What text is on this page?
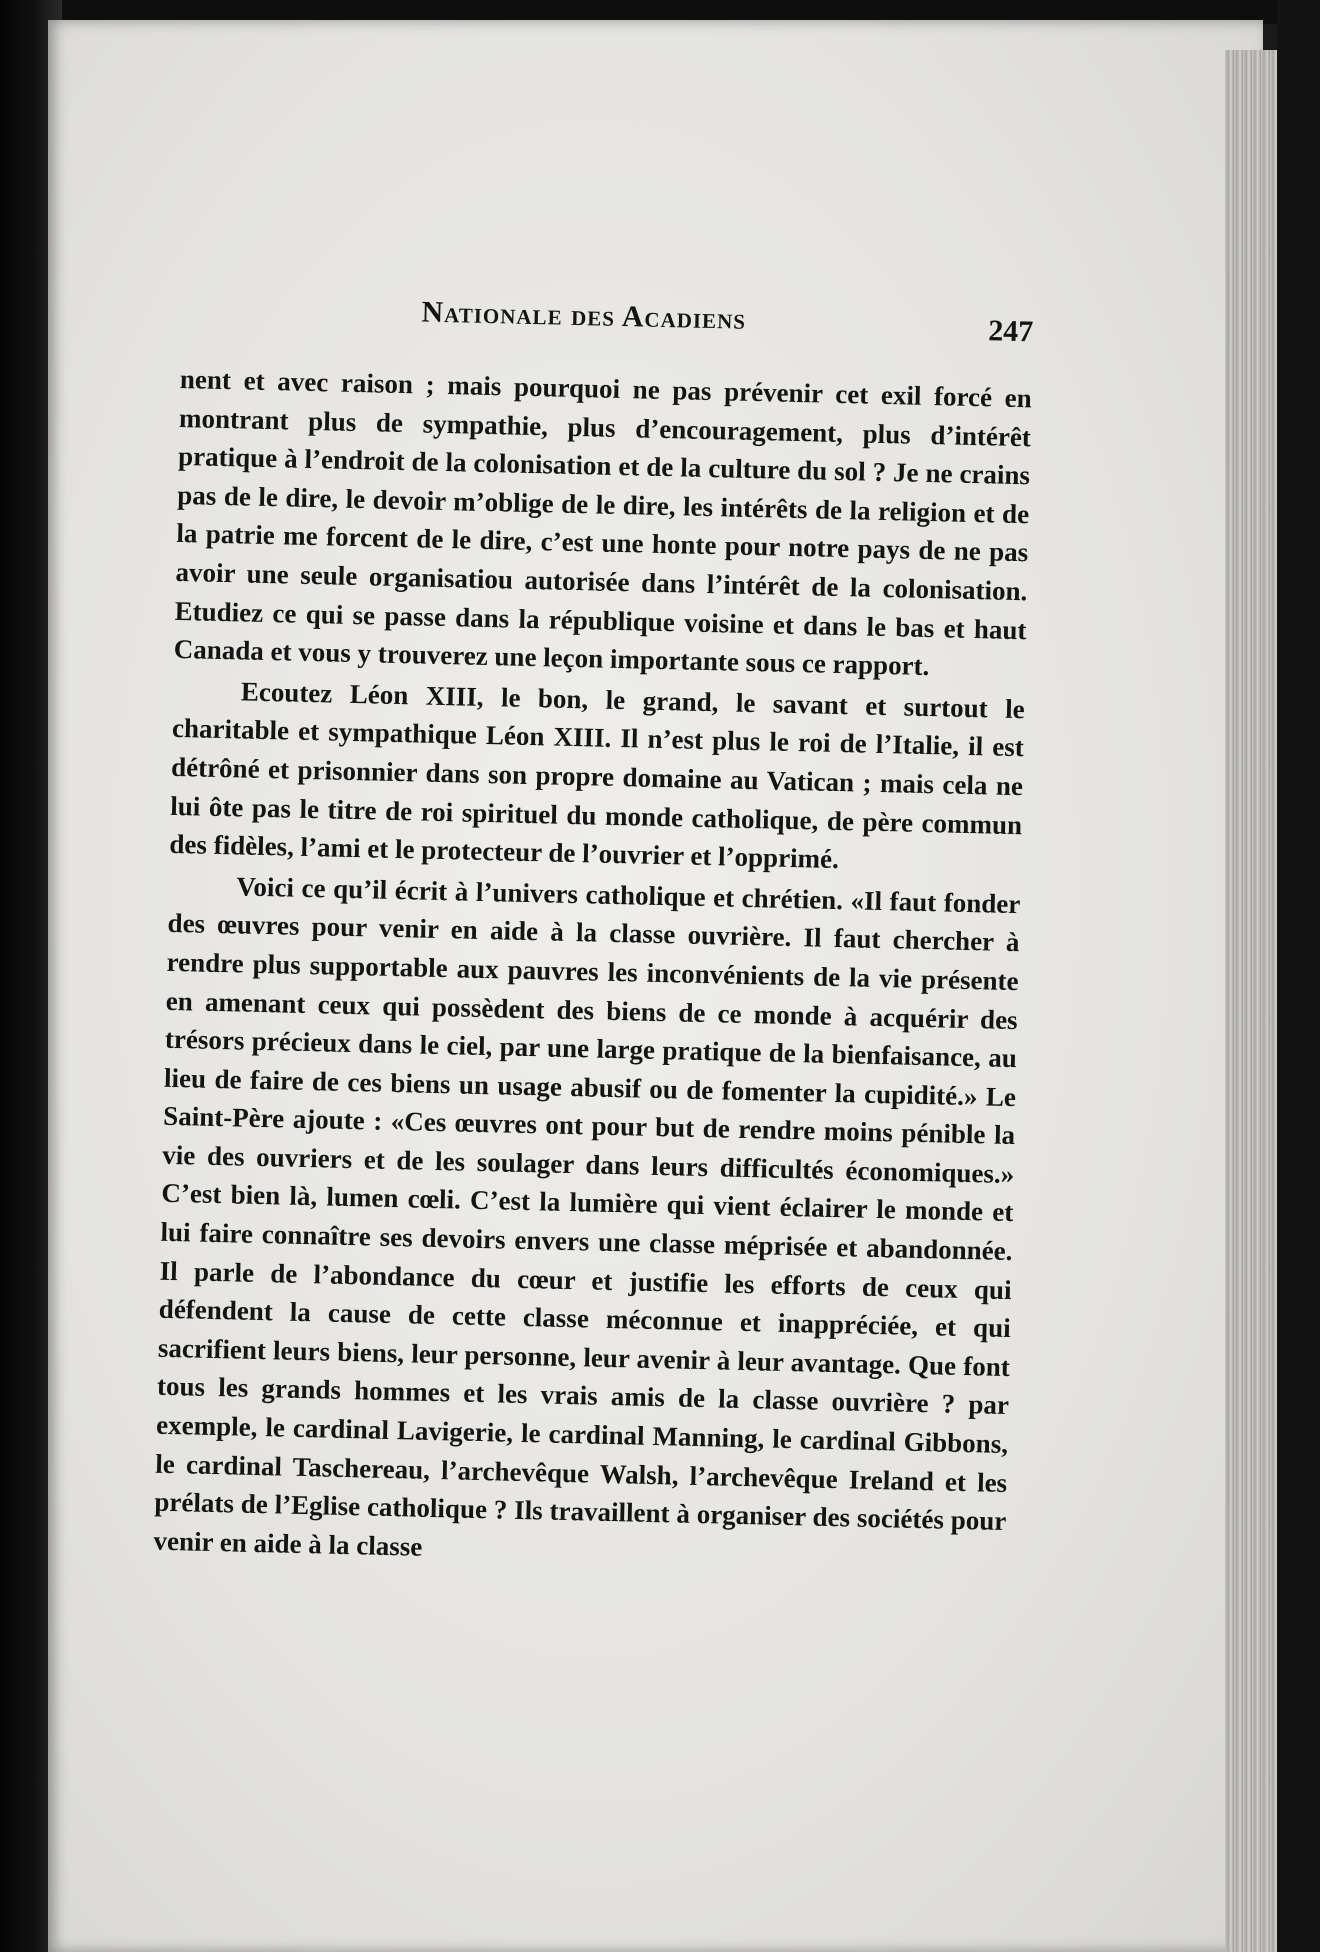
Nationale des Acadiens	247

nent et avec raison ; mais pourquoi ne pas prévenir cet exil forcé en montrant plus de sympathie, plus d’encouragement, plus d’intérêt pratique à l’endroit de la colonisation et de la culture du sol ? Je ne crains pas de le dire, le devoir m’oblige de le dire, les intérêts de la religion et de la patrie me forcent de le dire, c’est une honte pour notre pays de ne pas avoir une seule organisatiou autorisée dans l’intérêt de la colonisation. Etudiez ce qui se passe dans la république voisine et dans le bas et haut Canada et vous y trouverez une leçon importante sous ce rapport.

Ecoutez Léon XIII, le bon, le grand, le savant et surtout le charitable et sympathique Léon XIII. Il n’est plus le roi de l’Italie, il est détrôné et prisonnier dans son propre domaine au Vatican ; mais cela ne lui ôte pas le titre de roi spirituel du monde catholique, de père commun des fidèles, l’ami et le protecteur de l’ouvrier et l’opprimé.

Voici ce qu’il écrit à l’univers catholique et chrétien. «Il faut fonder des œuvres pour venir en aide à la classe ouvrière. Il faut chercher à rendre plus supportable aux pauvres les inconvénients de la vie présente en amenant ceux qui possèdent des biens de ce monde à acquérir des trésors précieux dans le ciel, par une large pratique de la bienfaisance, au lieu de faire de ces biens un usage abusif ou de fomenter la cupidité.» Le Saint-Père ajoute : «Ces œuvres ont pour but de rendre moins pénible la vie des ouvriers et de les soulager dans leurs difficultés économiques.» C’est bien là, lumen cœli. C’est la lumière qui vient éclairer le monde et lui faire connaître ses devoirs envers une classe méprisée et abandonnée. Il parle de l’abondance du cœur et justifie les efforts de ceux qui défendent la cause de cette classe méconnue et inappréciée, et qui sacrifient leurs biens, leur personne, leur avenir à leur avantage. Que font tous les grands hommes et les vrais amis de la classe ouvrière ? par exemple, le cardinal Lavigerie, le cardinal Manning, le cardinal Gibbons, le cardinal Taschereau, l’archevêque Walsh, l’archevêque Ireland et les prélats de l’Eglise catholique ? Ils travaillent à organiser des sociétés pour venir en aide à la classe
